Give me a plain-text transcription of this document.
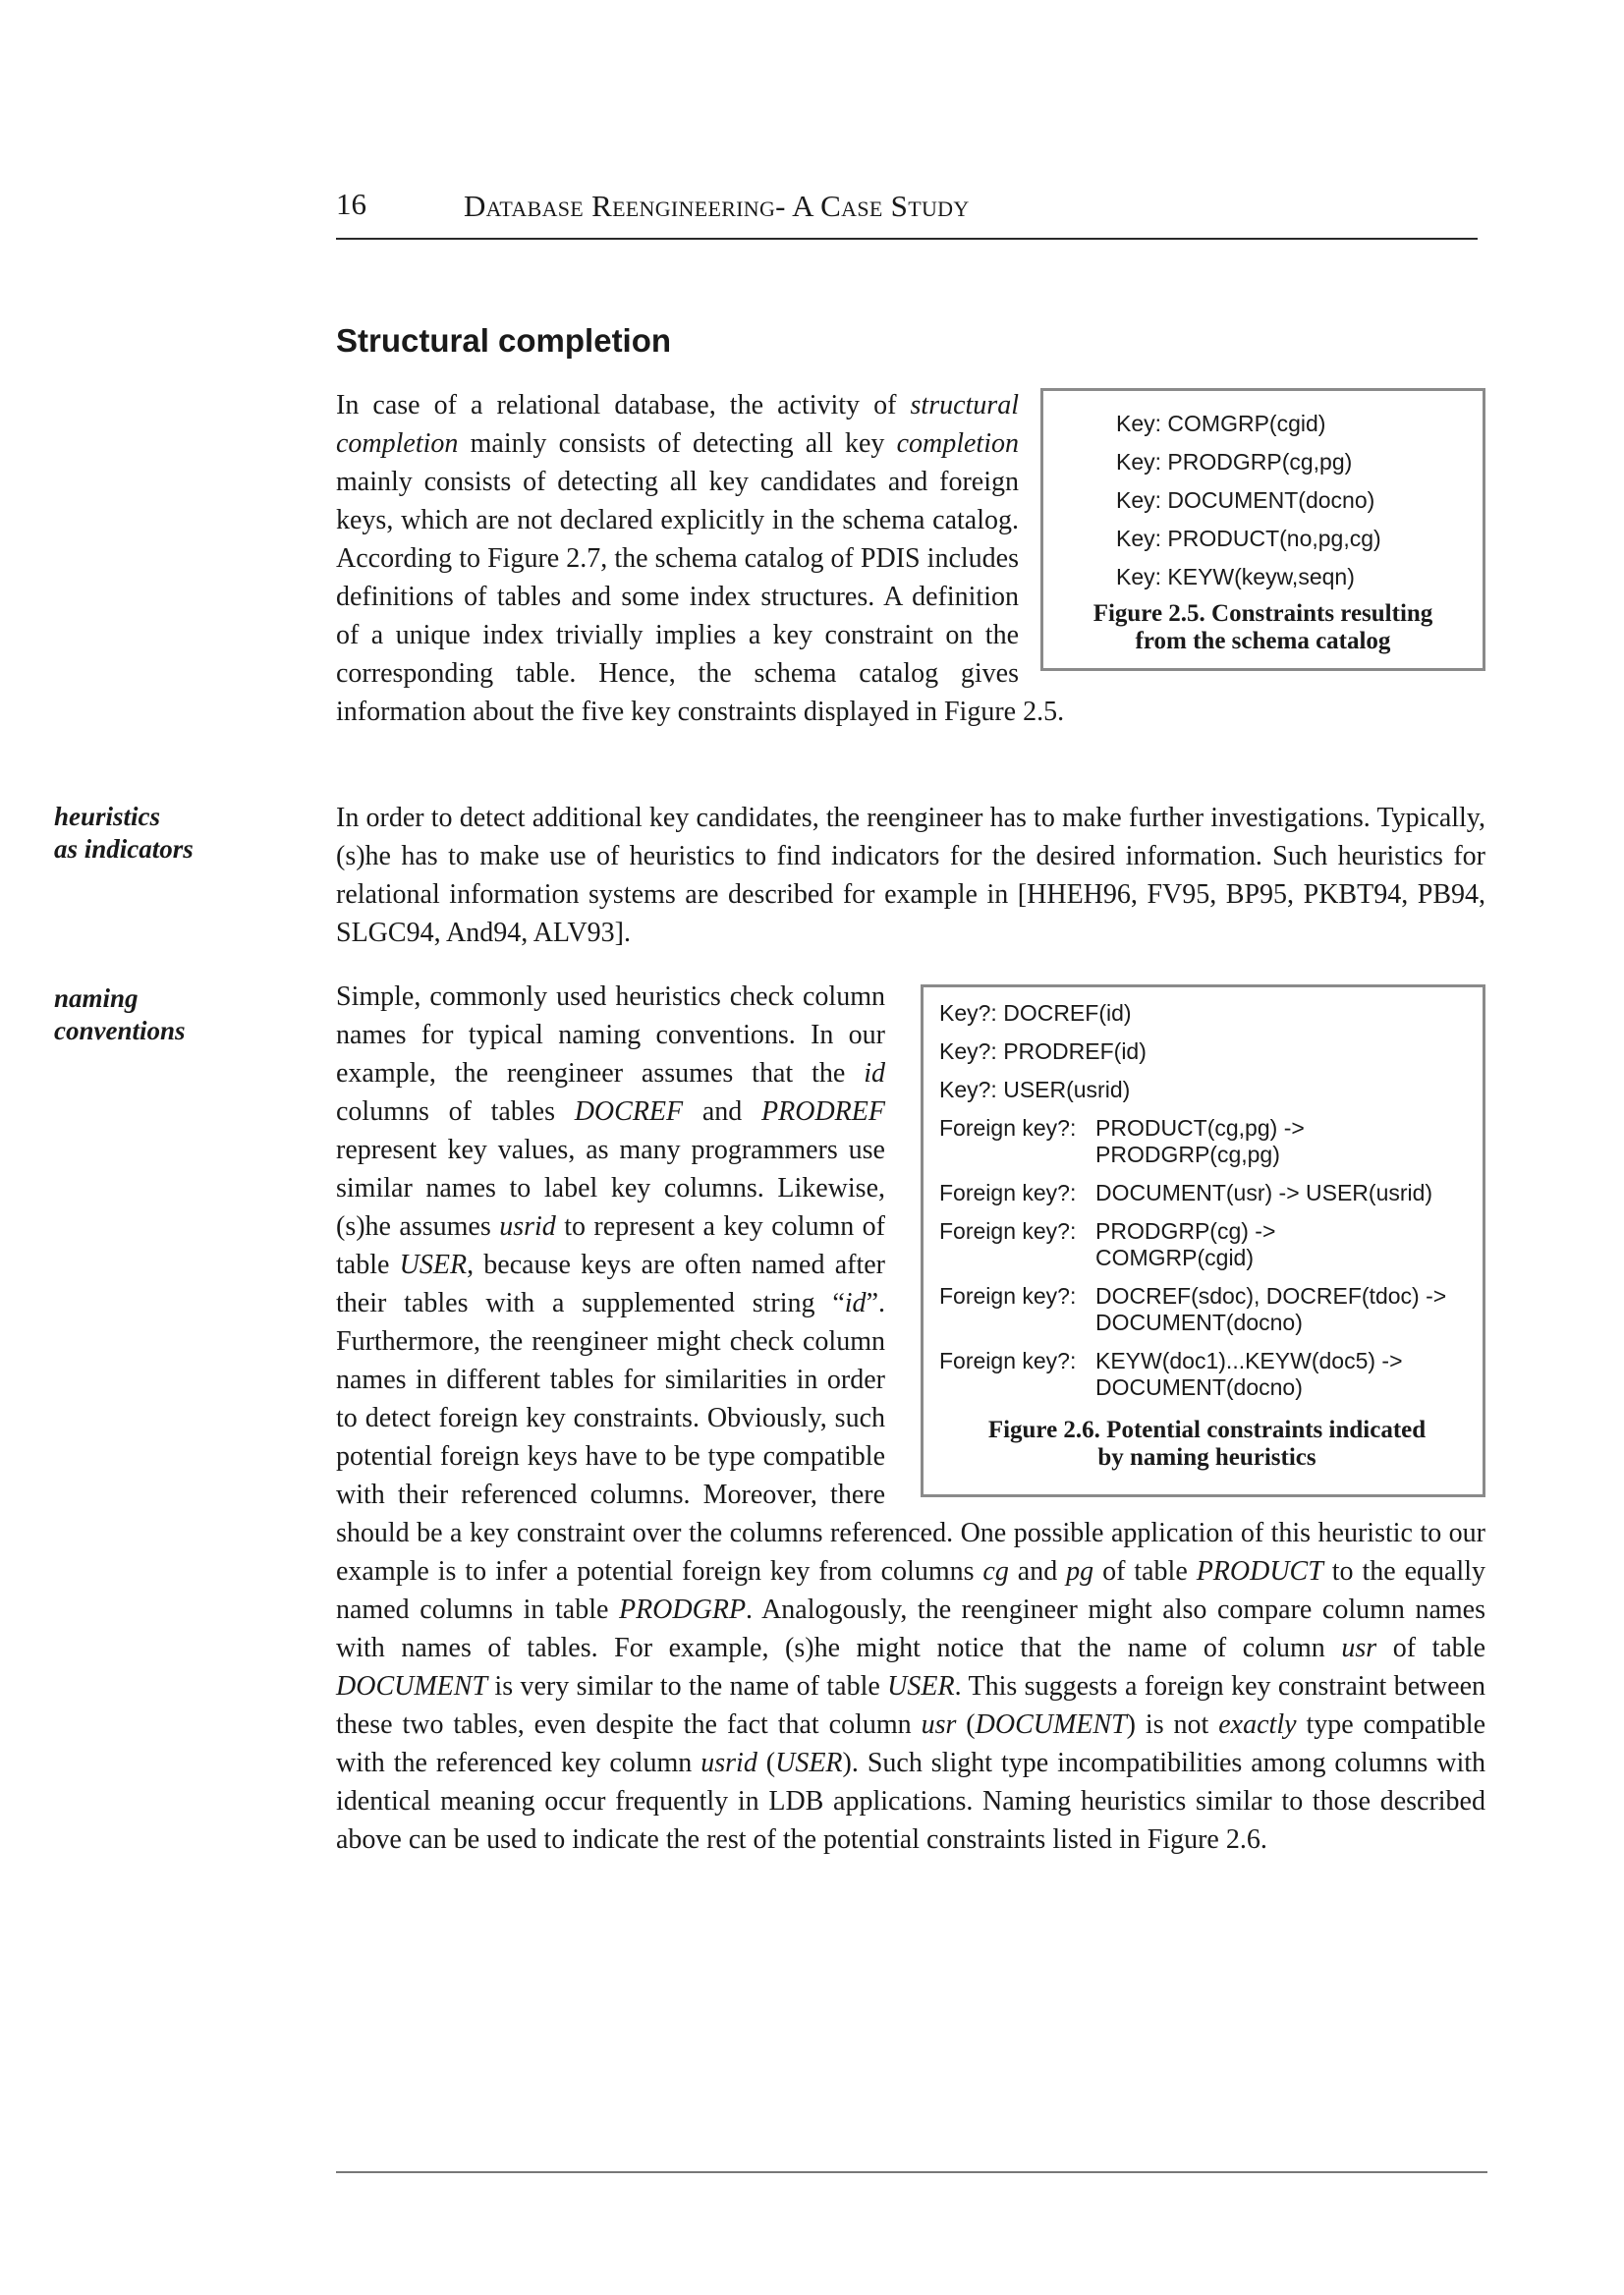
16	Database Reengineering- A Case Study
Structural completion

Key: COMGRP(cgid)
Key: PRODGRP(cg,pg)
Key: DOCUMENT(docno)
Key: PRODUCT(no,pg,cg)
Key: KEYW(keyw,seqn)
Figure 2.5. Constraints resulting
from the schema catalog
In case of a relational database, the activity of structural completion mainly consists of detecting all key completion mainly consists of detecting all key candidates and foreign keys, which are not declared explicitly in the schema catalog. According to Figure 2.7, the schema catalog of PDIS includes definitions of tables and some index structures. A definition of a unique index trivially implies a key constraint on the corresponding table. Hence, the schema catalog gives information about the five key constraints displayed in Figure 2.5.

heuristics
as indicators

In order to detect additional key candidates, the reengineer has to make further investigations. Typically, (s)he has to make use of heuristics to find indicators for the desired information. Such heuristics for relational information systems are described for example in [HHEH96, FV95, BP95, PKBT94, PB94, SLGC94, And94, ALV93].

naming
conventions

Key?: DOCREF(id)
Key?: PRODREF(id)
Key?: USER(usrid)
Foreign key?: PRODUCT(cg,pg) ->
PRODGRP(cg,pg)
Foreign key?: DOCUMENT(usr) -> USER(usrid)
Foreign key?: PRODGRP(cg) ->
COMGRP(cgid)
Foreign key?: DOCREF(sdoc), DOCREF(tdoc) ->
DOCUMENT(docno)
Foreign key?: KEYW(doc1)...KEYW(doc5) ->
DOCUMENT(docno)
Figure 2.6. Potential constraints indicated
by naming heuristics
Simple, commonly used heuristics check column names for typical naming conventions. In our example, the reengineer assumes that the id columns of tables DOCREF and PRODREF represent key values, as many programmers use similar names to label key columns. Likewise, (s)he assumes usrid to represent a key column of table USER, because keys are often named after their tables with a supplemented string “id”. Furthermore, the reengineer might check column names in different tables for similarities in order to detect foreign key constraints. Obviously, such potential foreign keys have to be type compatible with their referenced columns. Moreover, there should be a key constraint over the columns referenced. One possible application of this heuristic to our example is to infer a potential foreign key from columns cg and pg of table PRODUCT to the equally named columns in table PRODGRP. Analogously, the reengineer might also compare column names with names of tables. For example, (s)he might notice that the name of column usr of table DOCUMENT is very similar to the name of table USER. This suggests a foreign key constraint between these two tables, even despite the fact that column usr (DOCUMENT) is not exactly type compatible with the referenced key column usrid (USER). Such slight type incompatibilities among columns with identical meaning occur frequently in LDB applications. Naming heuristics similar to those described above can be used to indicate the rest of the potential constraints listed in Figure 2.6.
